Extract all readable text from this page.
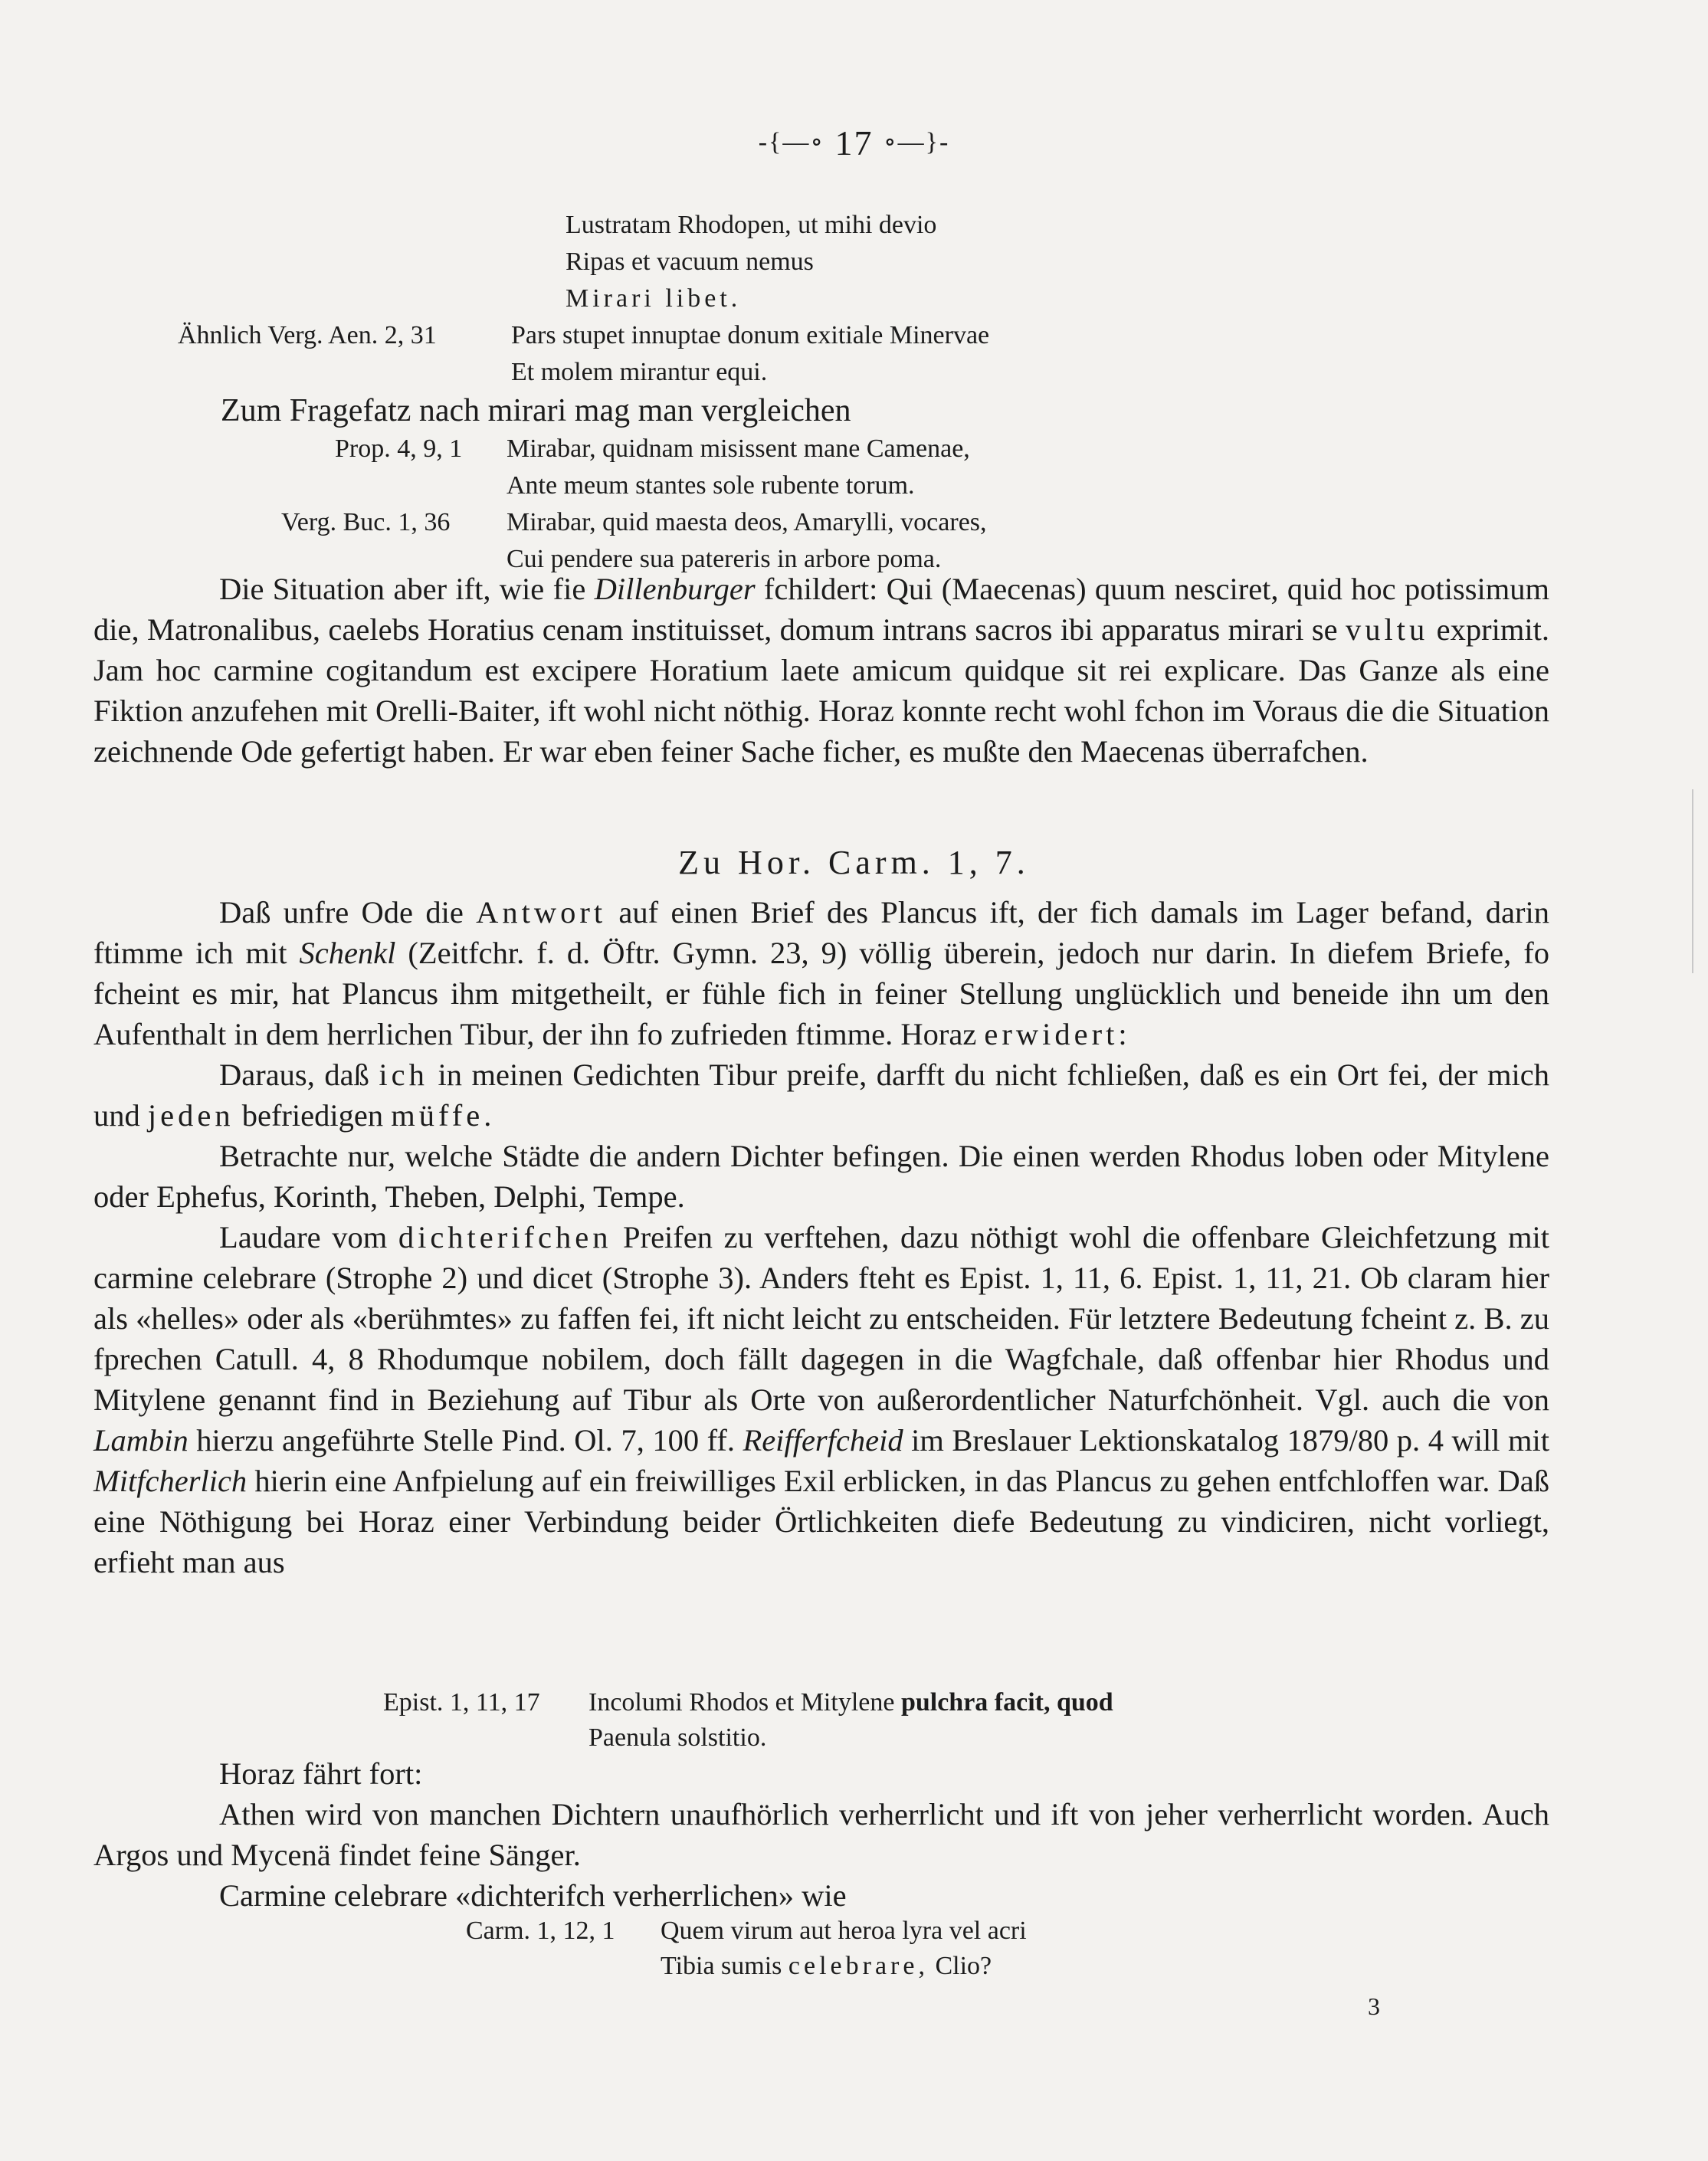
-{—∘ 17 ∘—}-
Lustratam Rhodopen, ut mihi devio
Ripas et vacuum nemus
Mirari libet.
Ähnlich Verg. Aen. 2, 31	Pars stupet innuptae donum exitiale Minervae
Et molem mirantur equi.
Zum Fragefatz nach mirari mag man vergleichen
Prop. 4, 9, 1 Mirabar, quidnam misissent mane Camenae,
Ante meum stantes sole rubente torum.
Verg. Buc. 1, 36 Mirabar, quid maesta deos, Amarylli, vocares,
Cui pendere sua patereris in arbore poma.

Die Situation aber ift, wie fie Dillenburger fchildert: Qui (Maecenas) quum nesciret, quid hoc potissimum die, Matronalibus, caelebs Horatius cenam instituisset, domum intrans sacros ibi apparatus mirari se vultu exprimit. Jam hoc carmine cogitandum est excipere Horatium laete amicum quidque sit rei explicare. Das Ganze als eine Fiktion anzufehen mit Orelli-Baiter, ift wohl nicht nöthig. Horaz konnte recht wohl fchon im Voraus die die Situation zeichnende Ode gefertigt haben. Er war eben feiner Sache ficher, es mußte den Maecenas überrafchen.

Zu Hor. Carm. 1, 7.

Daß unfre Ode die Antwort auf einen Brief des Plancus ift, der fich damals im Lager befand, darin ftimme ich mit Schenkl (Zeitfchr. f. d. Öftr. Gymn. 23, 9) völlig überein, jedoch nur darin. In diefem Briefe, fo fcheint es mir, hat Plancus ihm mitgetheilt, er fühle fich in feiner Stellung unglücklich und beneide ihn um den Aufenthalt in dem herrlichen Tibur, der ihn fo zufrieden ftimme. Horaz erwidert:

Daraus, daß ich in meinen Gedichten Tibur preife, darfft du nicht fchließen, daß es ein Ort fei, der mich und jeden befriedigen müffe.

Betrachte nur, welche Städte die andern Dichter befingen. Die einen werden Rhodus loben oder Mitylene oder Ephefus, Korinth, Theben, Delphi, Tempe.

Laudare vom dichterifchen Preifen zu verftehen, dazu nöthigt wohl die offenbare Gleichfetzung mit carmine celebrare (Strophe 2) und dicet (Strophe 3). Anders fteht es Epist. 1, 11, 6. Epist. 1, 11, 21. Ob claram hier als «helles» oder als «berühmtes» zu faffen fei, ift nicht leicht zu entscheiden. Für letztere Bedeutung fcheint z. B. zu fprechen Catull. 4, 8 Rhodumque nobilem, doch fällt dagegen in die Wagfchale, daß offenbar hier Rhodus und Mitylene genannt find in Beziehung auf Tibur als Orte von außerordentlicher Naturfchönheit. Vgl. auch die von Lambin hierzu angeführte Stelle Pind. Ol. 7, 100 ff. Reifferfcheid im Breslauer Lektionskatalog 1879/80 p. 4 will mit Mitfcherlich hierin eine Anfpielung auf ein freiwilliges Exil erblicken, in das Plancus zu gehen entfchloffen war. Daß eine Nöthigung bei Horaz einer Verbindung beider Örtlichkeiten diefe Bedeutung zu vindiciren, nicht vorliegt, erfieht man aus

Epist. 1, 11, 17 Incolumi Rhodos et Mitylene pulchra facit, quod
Paenula solstitio.

Horaz fährt fort:

Athen wird von manchen Dichtern unaufhörlich verherrlicht und ift von jeher verherrlicht worden. Auch Argos und Mycenä findet feine Sänger.

Carmine celebrare «dichterifch verherrlichen» wie

Carm. 1, 12, 1 Quem virum aut heroa lyra vel acri
Tibia sumis celebrare, Clio?
3
